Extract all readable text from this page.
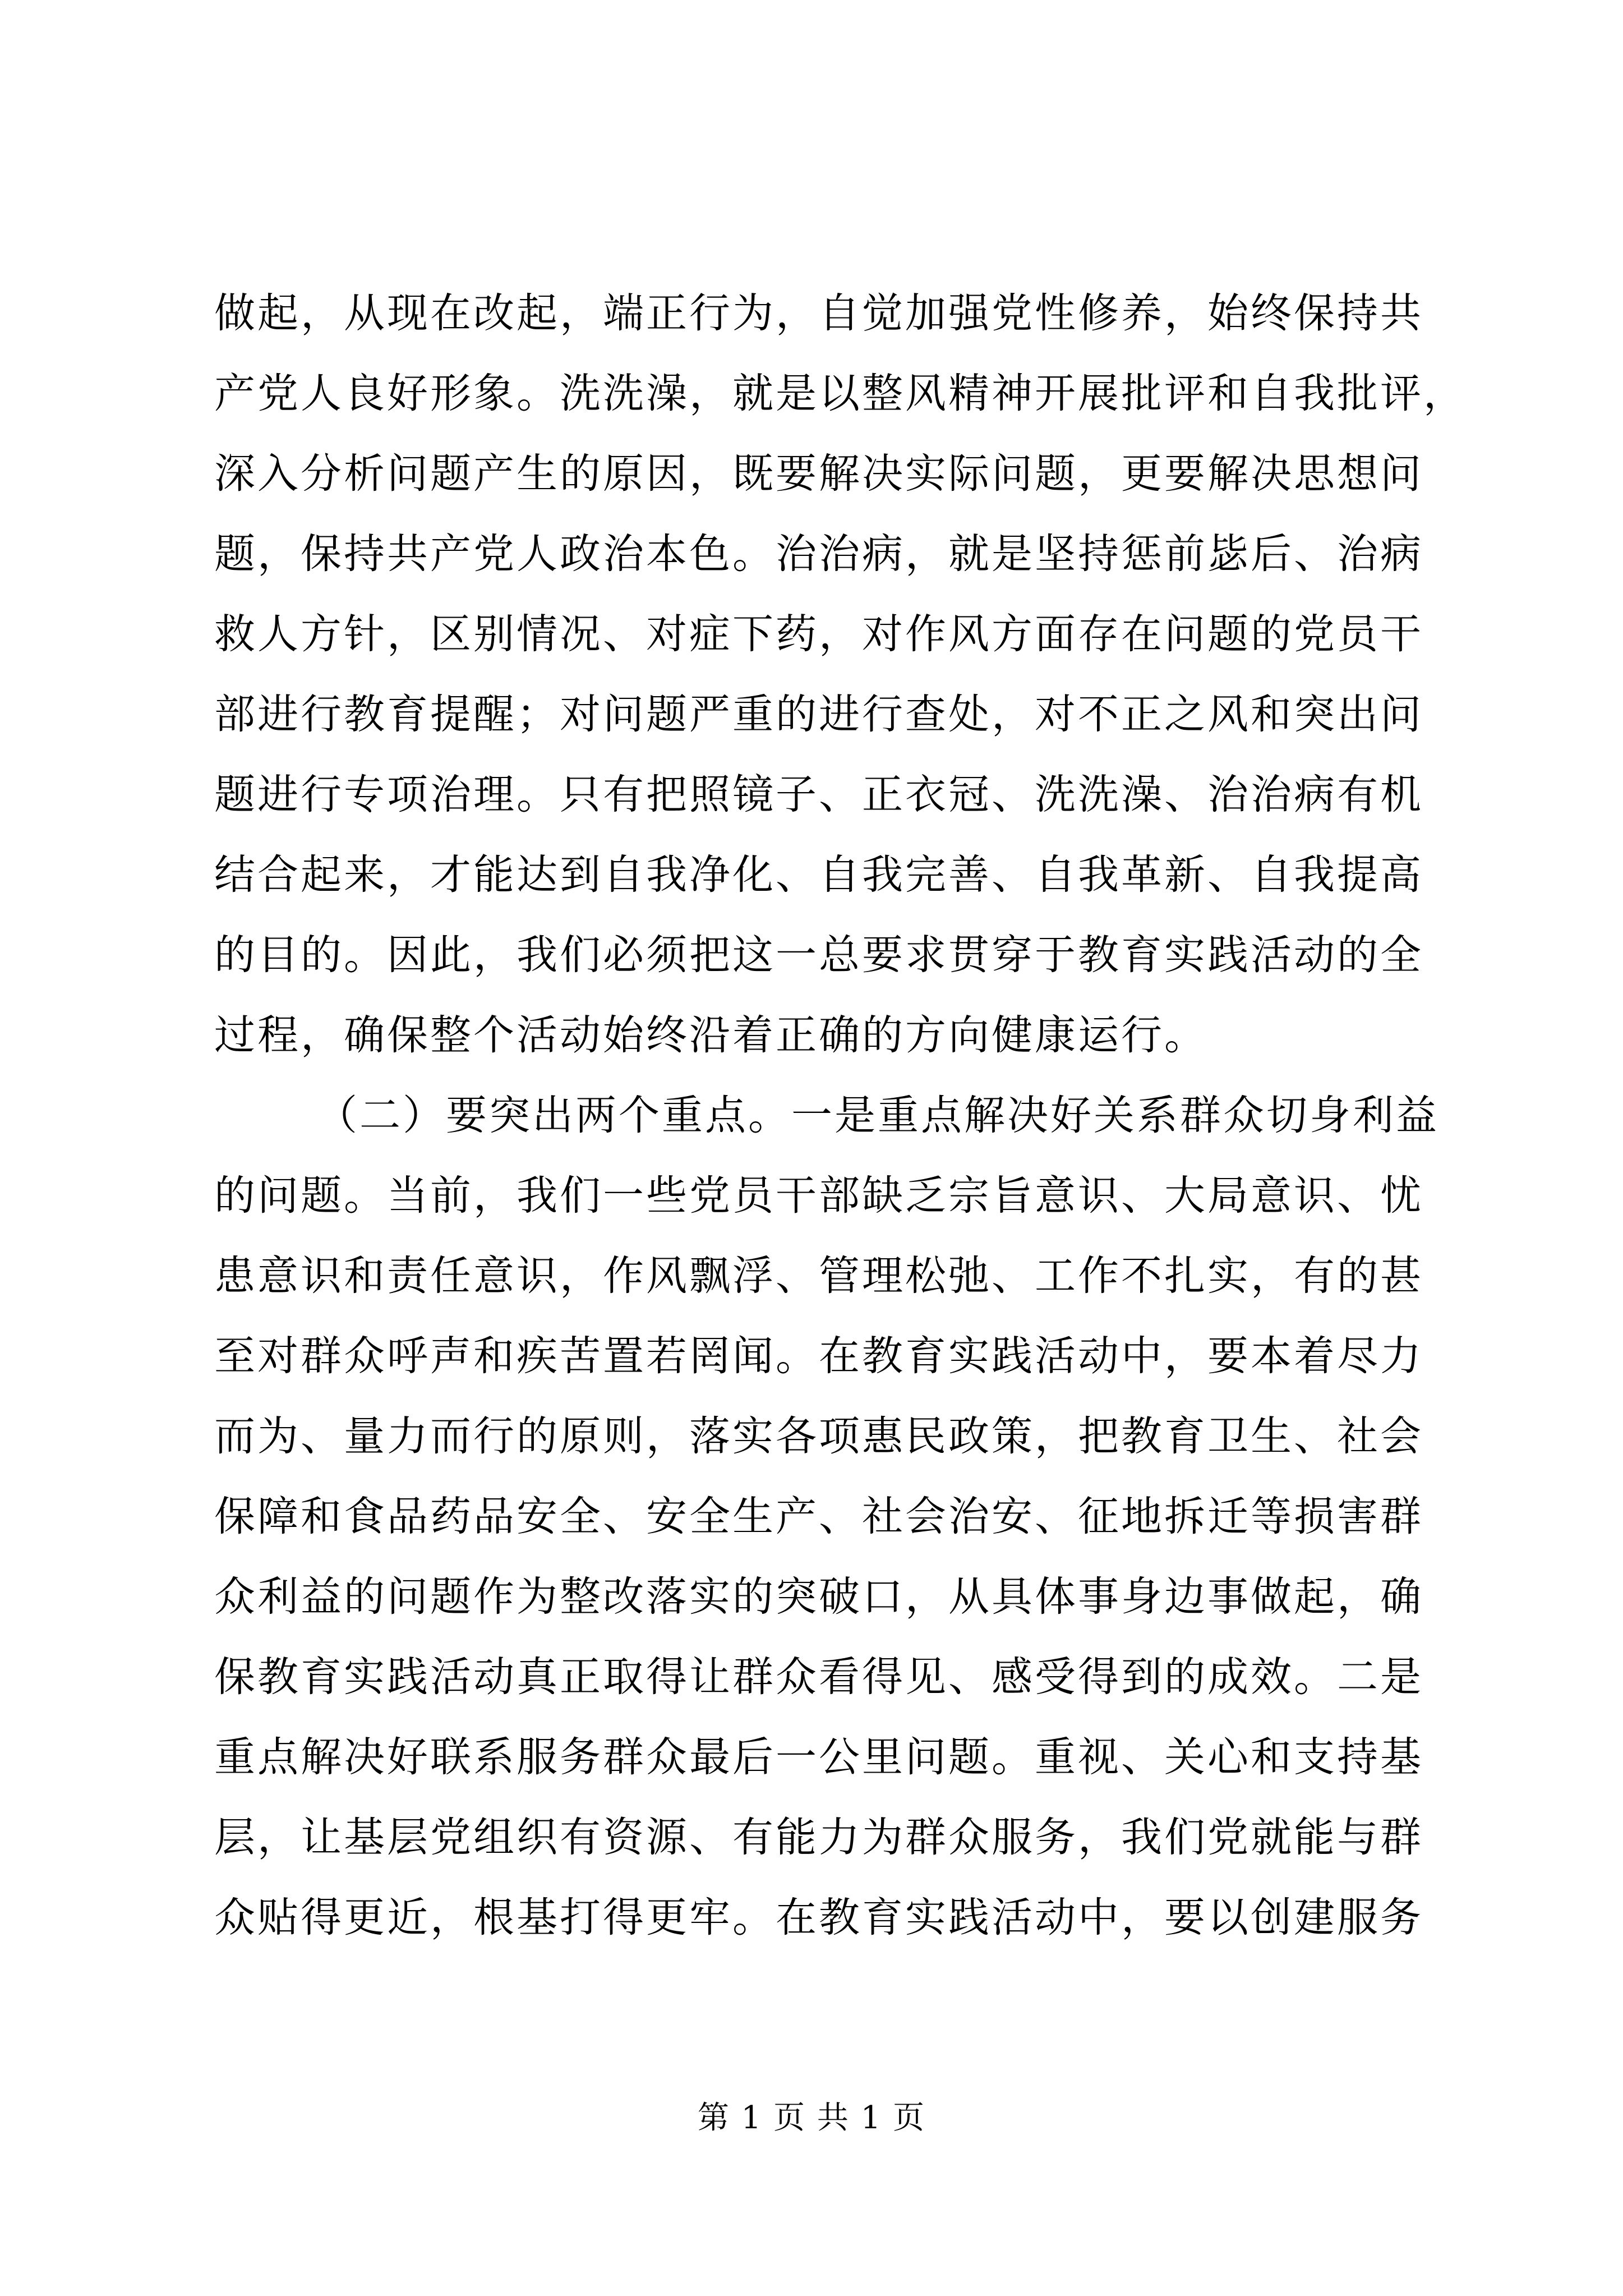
做起，从现在改起，端正行为，自觉加强党性修养，始终保持共
产党人良好形象。洗洗澡，就是以整风精神开展批评和自我批评，
深入分析问题产生的原因，既要解决实际问题，更要解决思想问
题，保持共产党人政治本色。治治病，就是坚持惩前毖后、治病
救人方针，区别情况、对症下药，对作风方面存在问题的党员干
部进行教育提醒；对问题严重的进行查处，对不正之风和突出问
题进行专项治理。只有把照镜子、正衣冠、洗洗澡、治治病有机
结合起来，才能达到自我净化、自我完善、自我革新、自我提高
的目的。因此，我们必须把这一总要求贯穿于教育实践活动的全
过程，确保整个活动始终沿着正确的方向健康运行。
（二）要突出两个重点。一是重点解决好关系群众切身利益
的问题。当前，我们一些党员干部缺乏宗旨意识、大局意识、忧
患意识和责任意识，作风飘浮、管理松弛、工作不扎实，有的甚
至对群众呼声和疾苦置若罔闻。在教育实践活动中，要本着尽力
而为、量力而行的原则，落实各项惠民政策，把教育卫生、社会
保障和食品药品安全、安全生产、社会治安、征地拆迁等损害群
众利益的问题作为整改落实的突破口，从具体事身边事做起，确
保教育实践活动真正取得让群众看得见、感受得到的成效。二是
重点解决好联系服务群众最后一公里问题。重视、关心和支持基
层，让基层党组织有资源、有能力为群众服务，我们党就能与群
众贴得更近，根基打得更牢。在教育实践活动中，要以创建服务
第 1 页 共 1 页
